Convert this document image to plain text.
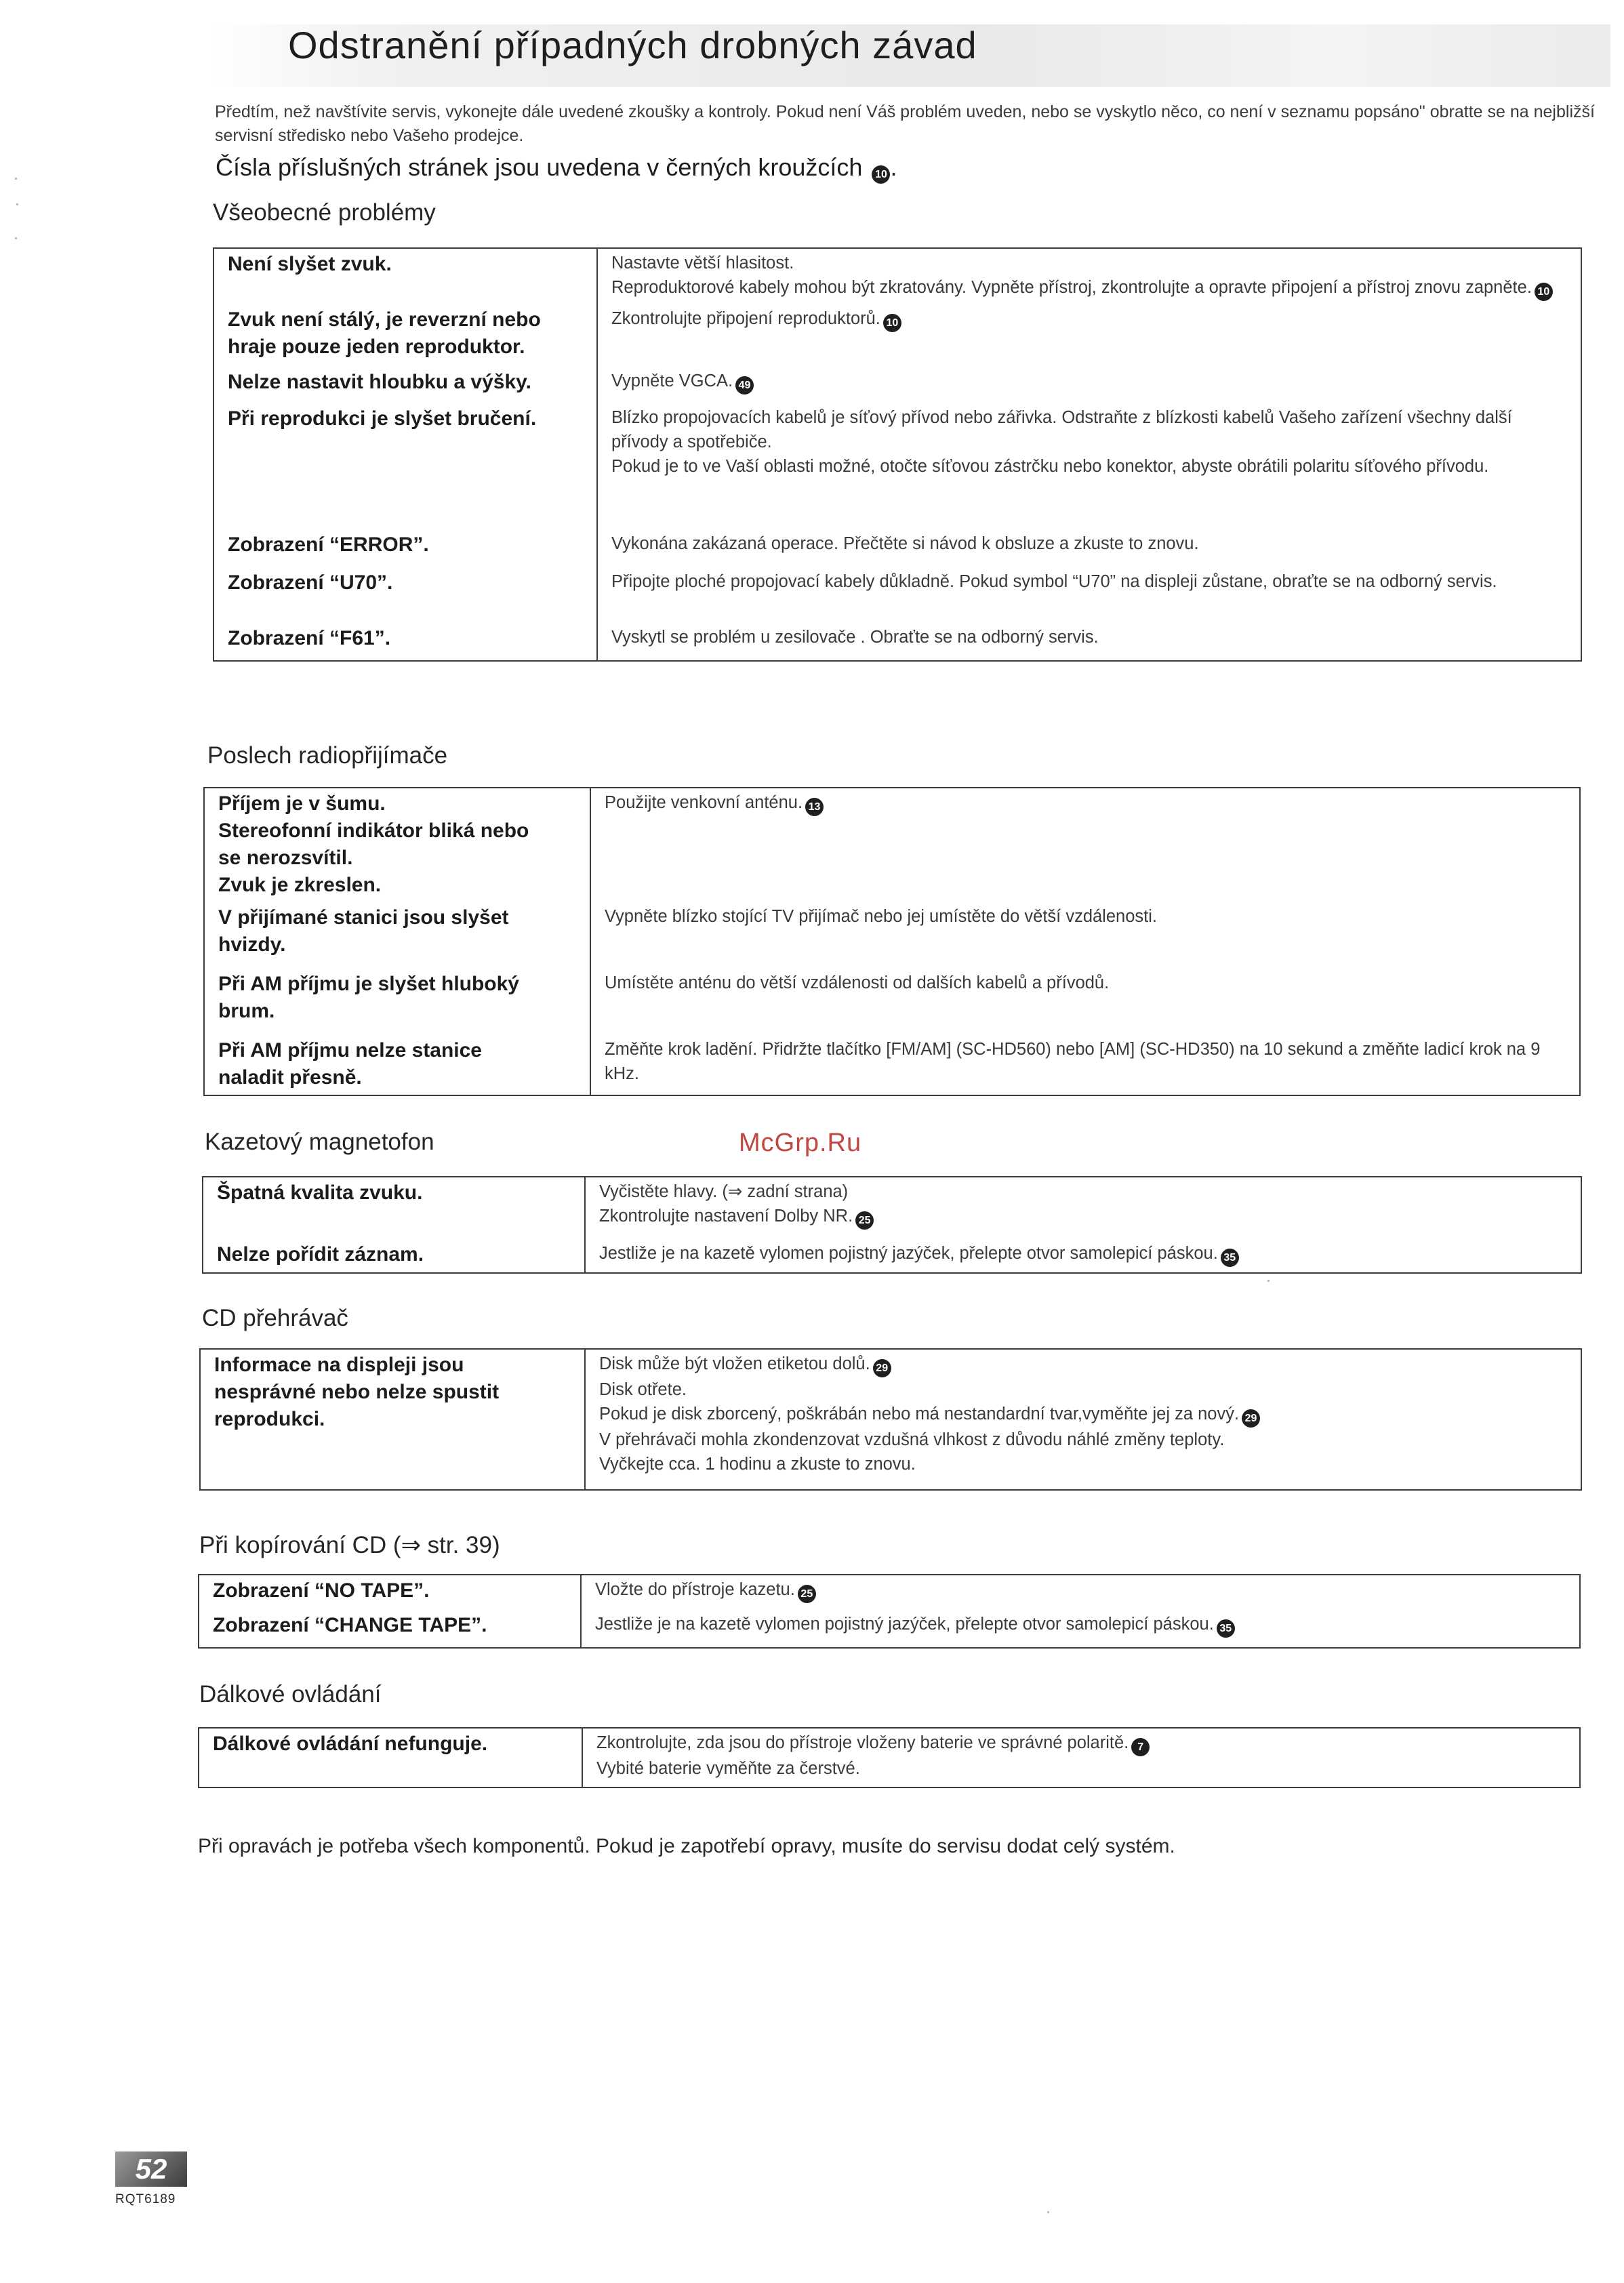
Odstranění případných drobných závad
Předtím, než navštívite servis, vykonejte dále uvedené zkoušky a kontroly. Pokud není Váš problém uveden, nebo se vyskytlo něco, co není v seznamu popsáno" obratte se na nejbližší servisní středisko nebo Vašeho prodejce.
Čísla příslušných stránek jsou uvedena v černých kroužcích 10 .
Všeobecné problémy
Není slyšet zvuk.	Nastavte větší hlasitost.
Reproduktorové kabely mohou být zkratovány. Vypněte přístroj, zkontrolujte a opravte připojení a přístroj znovu zapněte. 10

Zvuk není stálý, je reverzní nebo
hraje pouze jeden reproduktor.	Zkontrolujte připojení reproduktorů. 10

Nelze nastavit hloubku a výšky.	Vypněte VGCA. 49

Při reprodukci je slyšet bručení.	Blízko propojovacích kabelů je síťový přívod nebo zářivka. Odstraňte z blízkosti kabelů Vašeho zařízení všechny další přívody a spotřebiče.
Pokud je to ve Vaší oblasti možné, otočte síťovou zástrčku nebo konektor, abyste obrátili polaritu síťového přívodu.

Zobrazení “ERROR”.	Vykonána zakázaná operace. Přečtěte si návod k obsluze a zkuste to znovu.

Zobrazení “U70”.	Připojte ploché propojovací kabely důkladně. Pokud symbol “U70” na displeji zůstane, obraťte se na odborný servis.

Zobrazení “F61”.	Vyskytl se problém u zesilovače . Obraťte se na odborný servis.
Poslech radiopřijímače
Příjem je v šumu.
Stereofonní indikátor bliká nebo
se nerozsvítil.
Zvuk je zkreslen.	Použijte venkovní anténu. 13

V přijímané stanici jsou slyšet
hvizdy.	Vypněte blízko stojící TV přijímač nebo jej umístěte do větší vzdálenosti.

Při AM příjmu je slyšet hluboký
brum.	Umístěte anténu do větší vzdálenosti od dalších kabelů a přívodů.

Při AM příjmu nelze stanice
naladit přesně.	Změňte krok ladění. Přidržte tlačítko [FM/AM] (SC-HD560) nebo [AM] (SC-HD350) na 10 sekund a změňte ladicí krok na 9 kHz.
Kazetový magnetofon
Špatná kvalita zvuku.	Vyčistěte hlavy. (⇒ zadní strana)
Zkontrolujte nastavení Dolby NR. 25

Nelze pořídit záznam.	Jestliže je na kazetě vylomen pojistný jazýček, přelepte otvor samolepicí páskou. 35
CD přehrávač
Informace na displeji jsou
nesprávné nebo nelze spustit
reprodukci.

Disk může být vložen etiketou dolů. 29
Disk otřete.
Pokud je disk zborcený, poškrábán nebo má nestandardní tvar,vyměňte jej za nový. 29
V přehrávači mohla zkondenzovat vzdušná vlhkost z důvodu náhlé změny teploty.
Vyčkejte cca. 1 hodinu a zkuste to znovu.
Při kopírování CD (⇒ str. 39)
Zobrazení “NO TAPE”.	Vložte do přístroje kazetu. 25

Zobrazení “CHANGE TAPE”.	Jestliže je na kazetě vylomen pojistný jazýček, přelepte otvor samolepicí páskou. 35
Dálkové ovládání
Dálkové ovládání nefunguje.	Zkontrolujte, zda jsou do přístroje vloženy baterie ve správné polaritě. 7
Vybité baterie vyměňte za čerstvé.
McGrp.Ru
Při opravách je potřeba všech komponentů. Pokud je zapotřebí opravy, musíte do servisu dodat celý systém.
52
RQT6189
